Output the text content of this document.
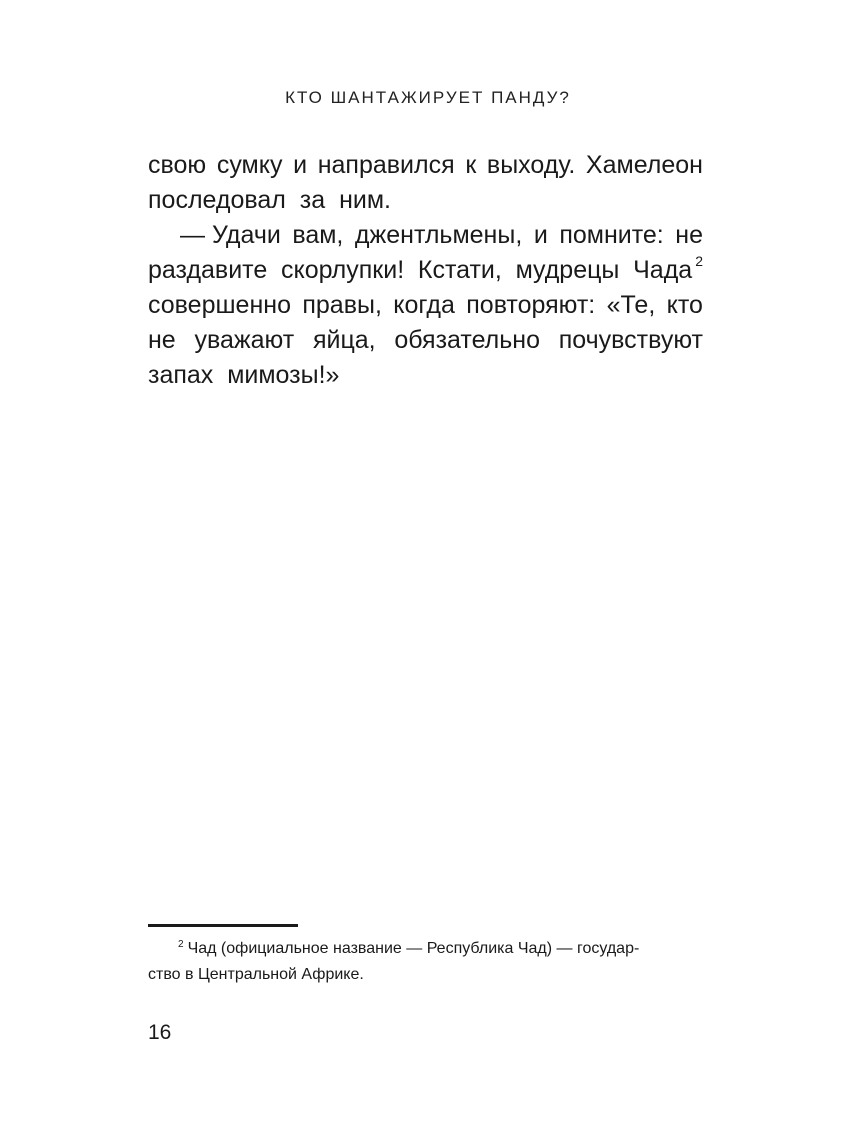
КТО ШАНТАЖИРУЕТ ПАНДУ?
свою сумку и направился к выходу. Хамелеон
последовал за ним.
— Удачи вам, джентльмены, и помните: не
раздавите скорлупки! Кстати, мудрецы Чада $^2$
совершенно правы, когда повторяют: «Те, кто
не уважают яйца, обязательно почувствуют
запах мимозы!»
$^2$ Чад (официальное название — Республика Чад) — государ-
ство в Центральной Африке.
16
